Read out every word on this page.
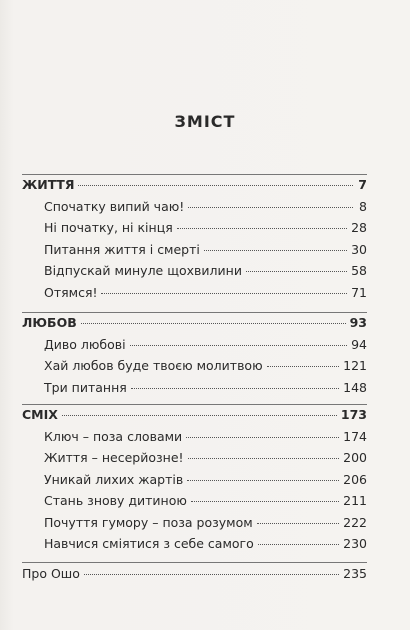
ЗМІСТ
ЖИТТЯ	7
Спочатку випий чаю!	8
Ні початку, ні кінця	28
Питання життя і смерті	30
Відпускай минуле щохвилини	58
Отямся!	71
ЛЮБОВ	93
Диво любові	94
Хай любов буде твоєю молитвою	121
Три питання	148
СМІХ	173
Ключ – поза словами	174
Життя – несерйозне!	200
Уникай лихих жартів	206
Стань знову дитиною	211
Почуття гумору – поза розумом	222
Навчися сміятися з себе самого	230
Про Ошо	235
